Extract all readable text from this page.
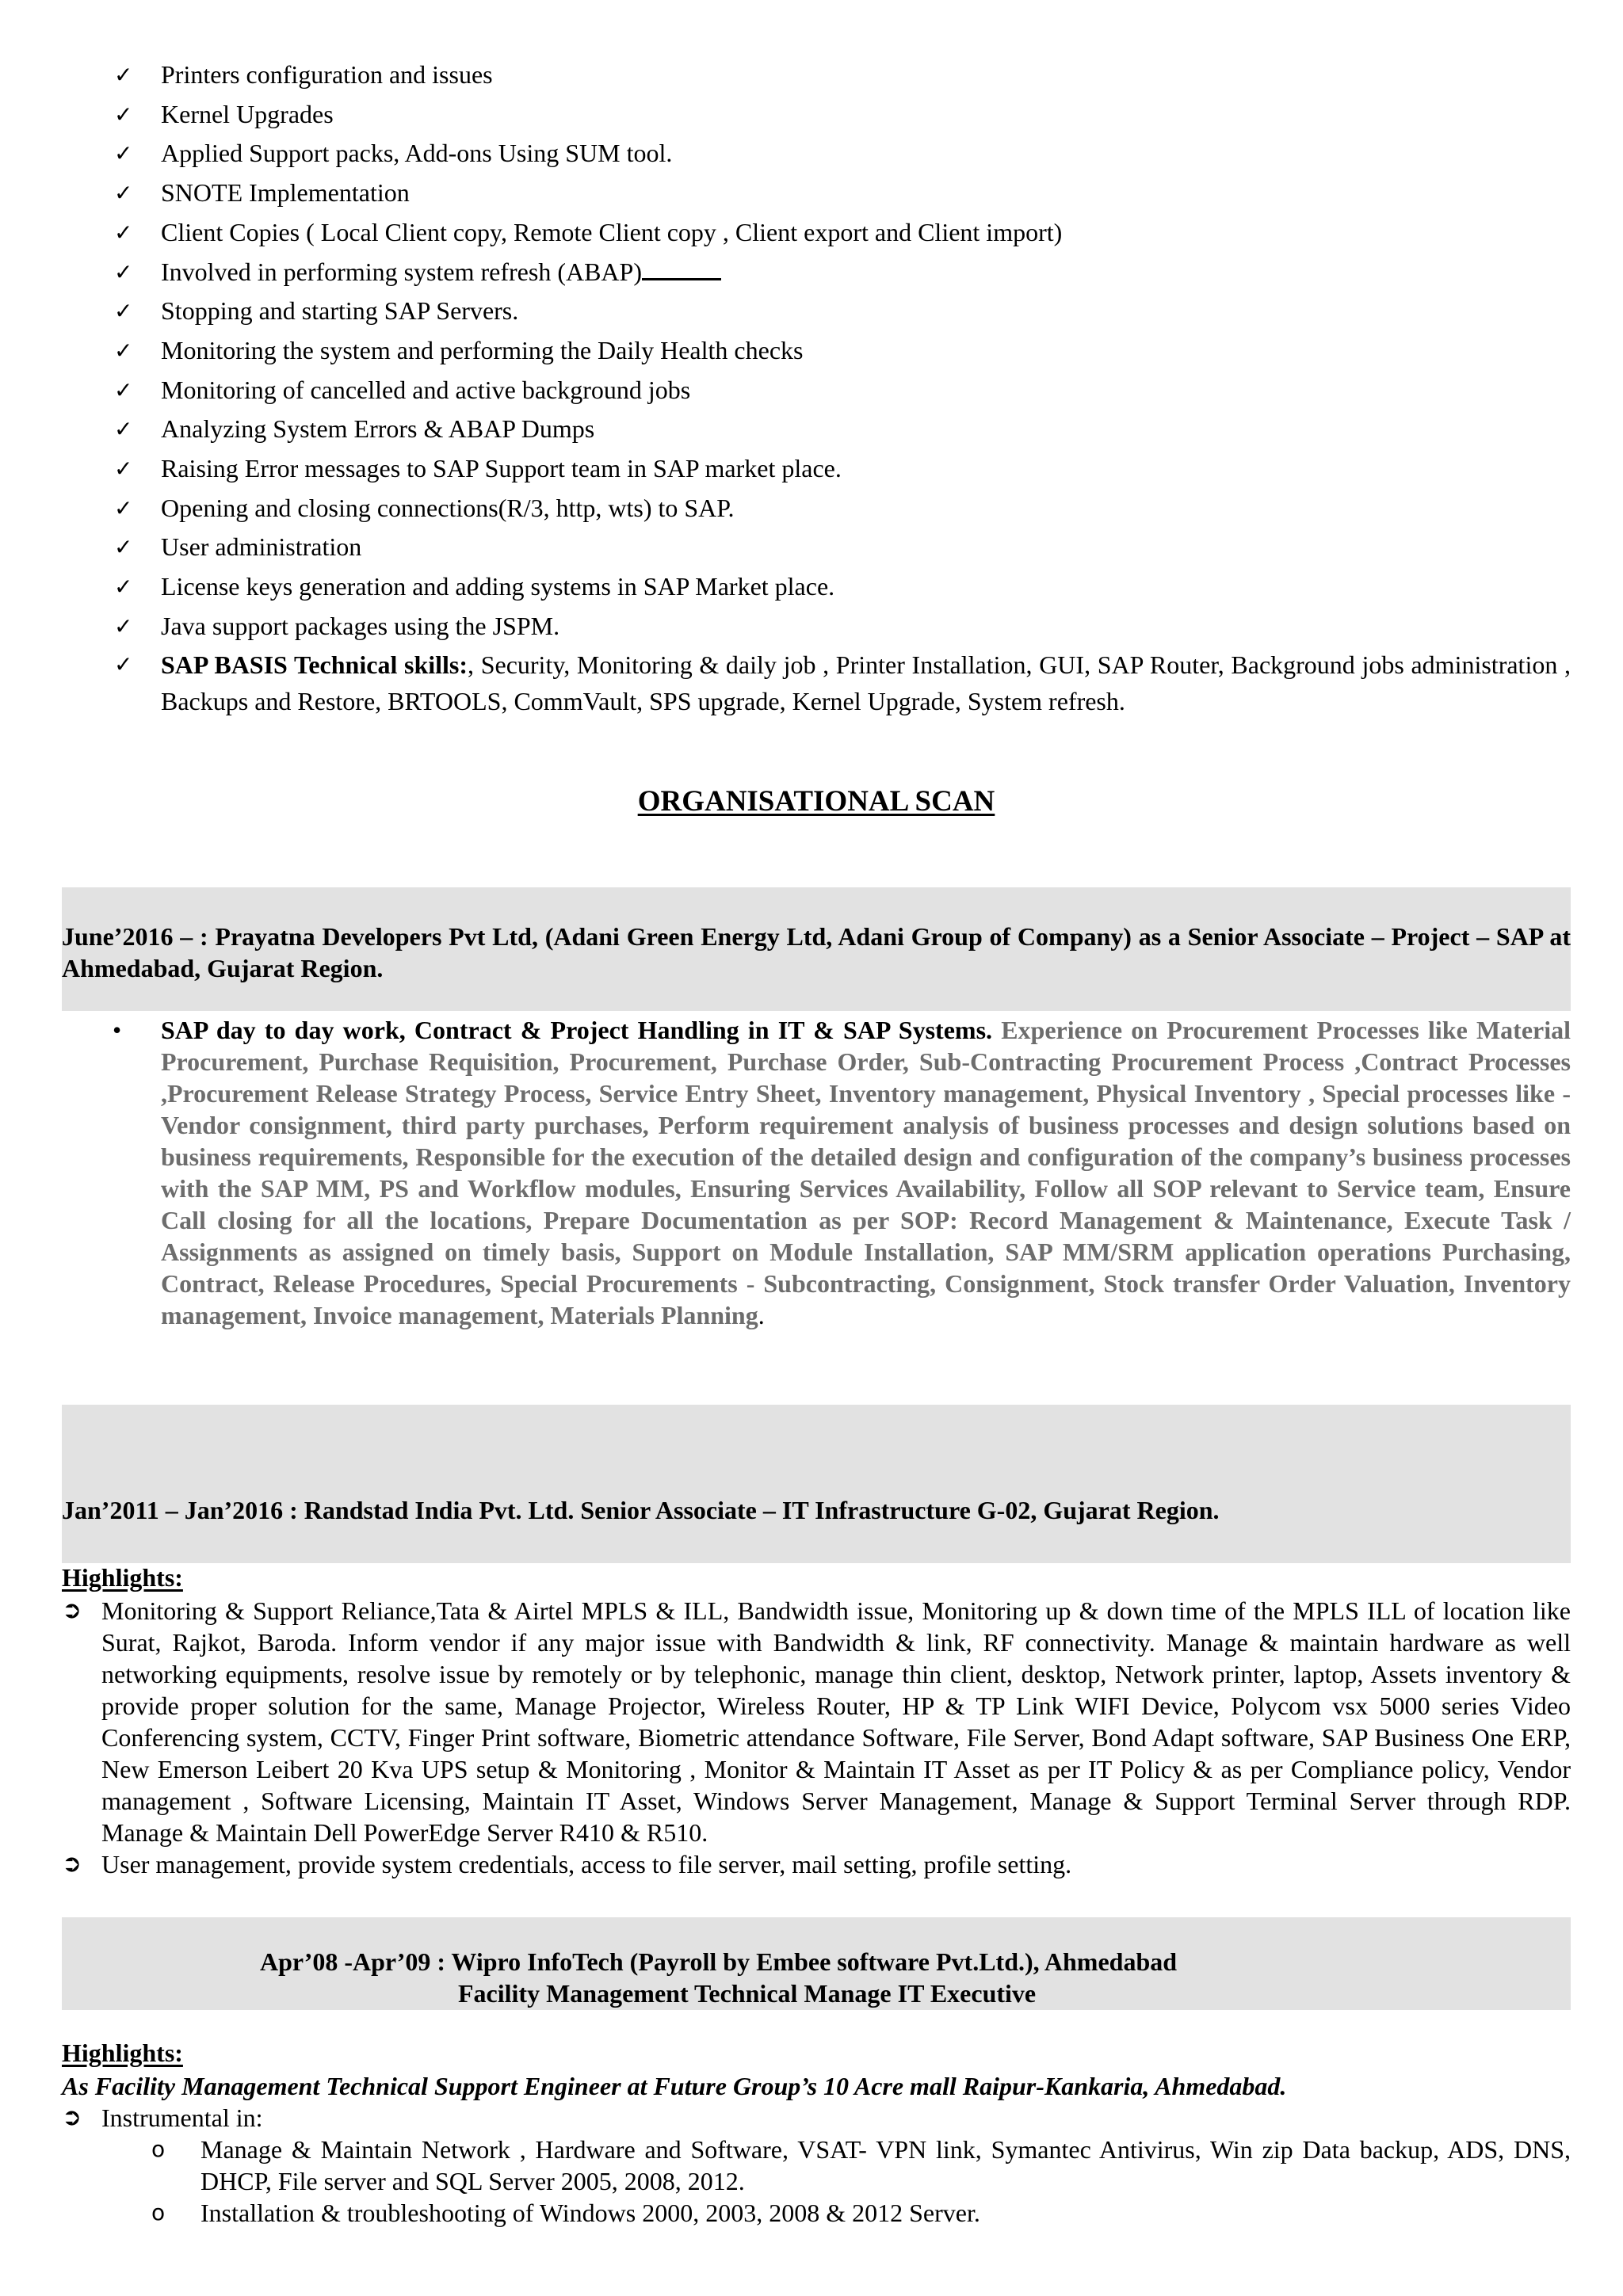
✓ Printers configuration and issues
✓ Kernel Upgrades
✓ Applied Support packs, Add-ons Using SUM tool.
✓ SNOTE Implementation
✓ Client Copies ( Local Client copy, Remote Client copy , Client export and Client import)
✓ Involved in performing system refresh (ABAP)
✓ Stopping and starting SAP Servers.
✓ Monitoring the system and performing the Daily Health checks
✓ Monitoring of cancelled and active background jobs
✓ Analyzing System Errors & ABAP Dumps
✓ Raising Error messages to SAP Support team in SAP market place.
✓ Opening and closing connections(R/3, http, wts) to SAP.
✓ User administration
✓ License keys generation and adding systems in SAP Market place.
✓ Java support packages using the JSPM.
✓ SAP BASIS Technical skills:, Security, Monitoring & daily job , Printer Installation, GUI, SAP Router, Background jobs administration , Backups and Restore, BRTOOLS, CommVault, SPS upgrade, Kernel Upgrade, System refresh.
ORGANISATIONAL SCAN
June’2016 – : Prayatna Developers Pvt Ltd, (Adani Green Energy Ltd, Adani Group of Company) as a Senior Associate – Project – SAP at Ahmedabad, Gujarat Region.
• SAP day to day work, Contract & Project Handling in IT & SAP Systems. Experience on Procurement Processes like Material Procurement, Purchase Requisition, Procurement, Purchase Order, Sub-Contracting Procurement Process ,Contract Processes ,Procurement Release Strategy Process, Service Entry Sheet, Inventory management, Physical Inventory , Special processes like - Vendor consignment, third party purchases, Perform requirement analysis of business processes and design solutions based on business requirements, Responsible for the execution of the detailed design and configuration of the company’s business processes with the SAP MM, PS and Workflow modules, Ensuring Services Availability, Follow all SOP relevant to Service team, Ensure Call closing for all the locations, Prepare Documentation as per SOP: Record Management & Maintenance, Execute Task / Assignments as assigned on timely basis, Support on Module Installation, SAP MM/SRM application operations Purchasing, Contract, Release Procedures, Special Procurements - Subcontracting, Consignment, Stock transfer Order Valuation, Inventory management, Invoice management, Materials Planning.
Jan’2011 – Jan’2016 : Randstad India Pvt. Ltd. Senior Associate – IT Infrastructure G-02, Gujarat Region.
Highlights:
➲ Monitoring & Support Reliance,Tata & Airtel MPLS & ILL, Bandwidth issue, Monitoring up & down time of the MPLS ILL of location like Surat, Rajkot, Baroda. Inform vendor if any major issue with Bandwidth & link, RF connectivity. Manage & maintain hardware as well networking equipments, resolve issue by remotely or by telephonic, manage thin client, desktop, Network printer, laptop, Assets inventory & provide proper solution for the same, Manage Projector, Wireless Router, HP & TP Link WIFI Device, Polycom vsx 5000 series Video Conferencing system, CCTV, Finger Print software, Biometric attendance Software, File Server, Bond Adapt software, SAP Business One ERP, New Emerson Leibert 20 Kva UPS setup & Monitoring , Monitor & Maintain IT Asset as per IT Policy & as per Compliance policy, Vendor management , Software Licensing, Maintain IT Asset, Windows Server Management, Manage & Support Terminal Server through RDP. Manage & Maintain Dell PowerEdge Server R410 & R510.
➲ User management, provide system credentials, access to file server, mail setting, profile setting.
Apr’08 -Apr’09 : Wipro InfoTech (Payroll by Embee software Pvt.Ltd.), Ahmedabad
Facility Management Technical Manage IT Executive
Highlights:
As Facility Management Technical Support Engineer at Future Group’s 10 Acre mall Raipur-Kankaria, Ahmedabad.
➲ Instrumental in:
o Manage & Maintain Network , Hardware and Software, VSAT- VPN link, Symantec Antivirus, Win zip Data backup, ADS, DNS, DHCP, File server and SQL Server 2005, 2008, 2012.
o Installation & troubleshooting of Windows 2000, 2003, 2008 & 2012 Server.
